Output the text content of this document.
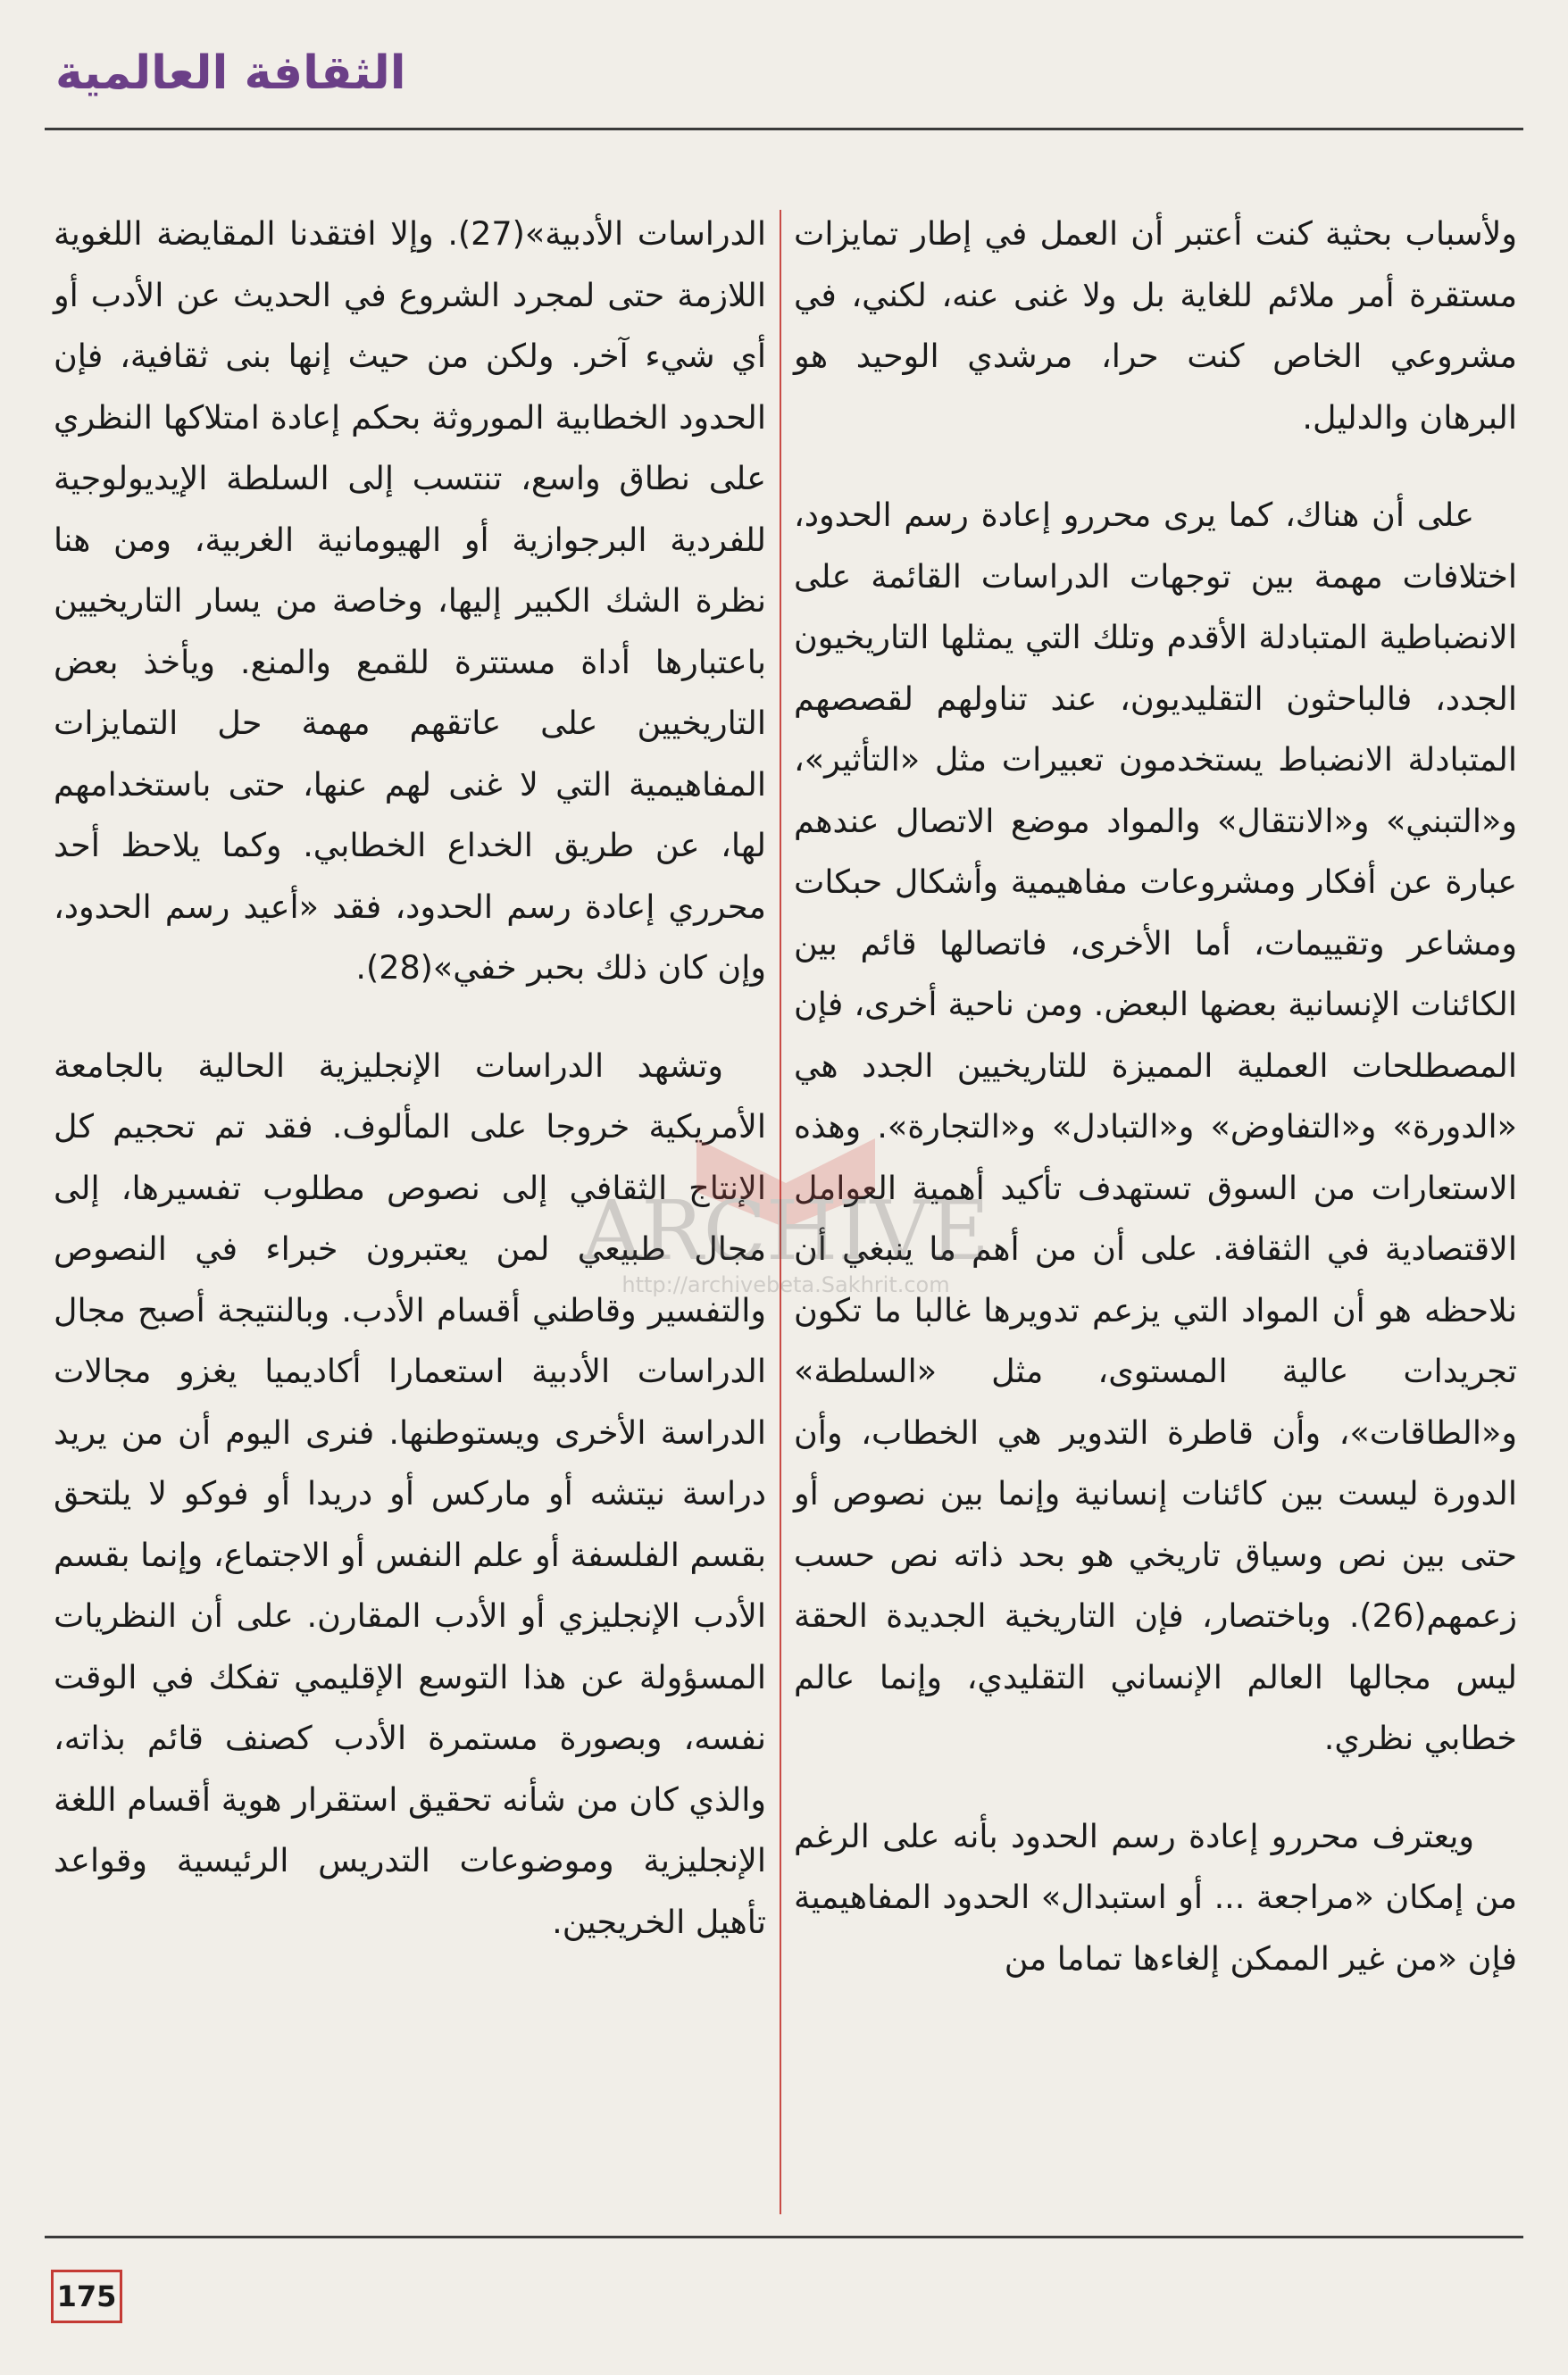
الثقافة العالمية

ولأسباب بحثية كنت أعتبر أن العمل في إطار تمايزات مستقرة أمر ملائم للغاية بل ولا غنى عنه، لكني، في مشروعي الخاص كنت حرا، مرشدي الوحيد هو البرهان والدليل.

على أن هناك، كما يرى محررو إعادة رسم الحدود، اختلافات مهمة بين توجهات الدراسات القائمة على الانضباطية المتبادلة الأقدم وتلك التي يمثلها التاريخيون الجدد، فالباحثون التقليديون، عند تناولهم لقصصهم المتبادلة الانضباط يستخدمون تعبيرات مثل «التأثير»، و«التبني» و«الانتقال» والمواد موضع الاتصال عندهم عبارة عن أفكار ومشروعات مفاهيمية وأشكال حبكات ومشاعر وتقييمات، أما الأخرى، فاتصالها قائم بين الكائنات الإنسانية بعضها البعض. ومن ناحية أخرى، فإن المصطلحات العملية المميزة للتاريخيين الجدد هي «الدورة» و«التفاوض» و«التبادل» و«التجارة». وهذه الاستعارات من السوق تستهدف تأكيد أهمية العوامل الاقتصادية في الثقافة. على أن من أهم ما ينبغي أن نلاحظه هو أن المواد التي يزعم تدويرها غالبا ما تكون تجريدات عالية المستوى، مثل «السلطة» و«الطاقات»، وأن قاطرة التدوير هي الخطاب، وأن الدورة ليست بين كائنات إنسانية وإنما بين نصوص أو حتى بين نص وسياق تاريخي هو بحد ذاته نص حسب زعمهم(26). وباختصار، فإن التاريخية الجديدة الحقة ليس مجالها العالم الإنساني التقليدي، وإنما عالم خطابي نظري.

ويعترف محررو إعادة رسم الحدود بأنه على الرغم من إمكان «مراجعة ... أو استبدال» الحدود المفاهيمية فإن «من غير الممكن إلغاءها تماما من

الدراسات الأدبية»(27). وإلا افتقدنا المقايضة اللغوية اللازمة حتى لمجرد الشروع في الحديث عن الأدب أو أي شيء آخر. ولكن من حيث إنها بنى ثقافية، فإن الحدود الخطابية الموروثة بحكم إعادة امتلاكها النظري على نطاق واسع، تنتسب إلى السلطة الإيديولوجية للفردية البرجوازية أو الهيومانية الغربية، ومن هنا نظرة الشك الكبير إليها، وخاصة من يسار التاريخيين باعتبارها أداة مستترة للقمع والمنع. ويأخذ بعض التاريخيين على عاتقهم مهمة حل التمايزات المفاهيمية التي لا غنى لهم عنها، حتى باستخدامهم لها، عن طريق الخداع الخطابي. وكما يلاحظ أحد محرري إعادة رسم الحدود، فقد «أعيد رسم الحدود، وإن كان ذلك بحبر خفي»(28).

وتشهد الدراسات الإنجليزية الحالية بالجامعة الأمريكية خروجا على المألوف. فقد تم تحجيم كل الإنتاج الثقافي إلى نصوص مطلوب تفسيرها، إلى مجال طبيعي لمن يعتبرون خبراء في النصوص والتفسير وقاطني أقسام الأدب. وبالنتيجة أصبح مجال الدراسات الأدبية استعمارا أكاديميا يغزو مجالات الدراسة الأخرى ويستوطنها. فنرى اليوم أن من يريد دراسة نيتشه أو ماركس أو دريدا أو فوكو لا يلتحق بقسم الفلسفة أو علم النفس أو الاجتماع، وإنما بقسم الأدب الإنجليزي أو الأدب المقارن. على أن النظريات المسؤولة عن هذا التوسع الإقليمي تفكك في الوقت نفسه، وبصورة مستمرة الأدب كصنف قائم بذاته، والذي كان من شأنه تحقيق استقرار هوية أقسام اللغة الإنجليزية وموضوعات التدريس الرئيسية وقواعد تأهيل الخريجين.

ARCHIVE
http://archivebeta.Sakhrit.com
175
